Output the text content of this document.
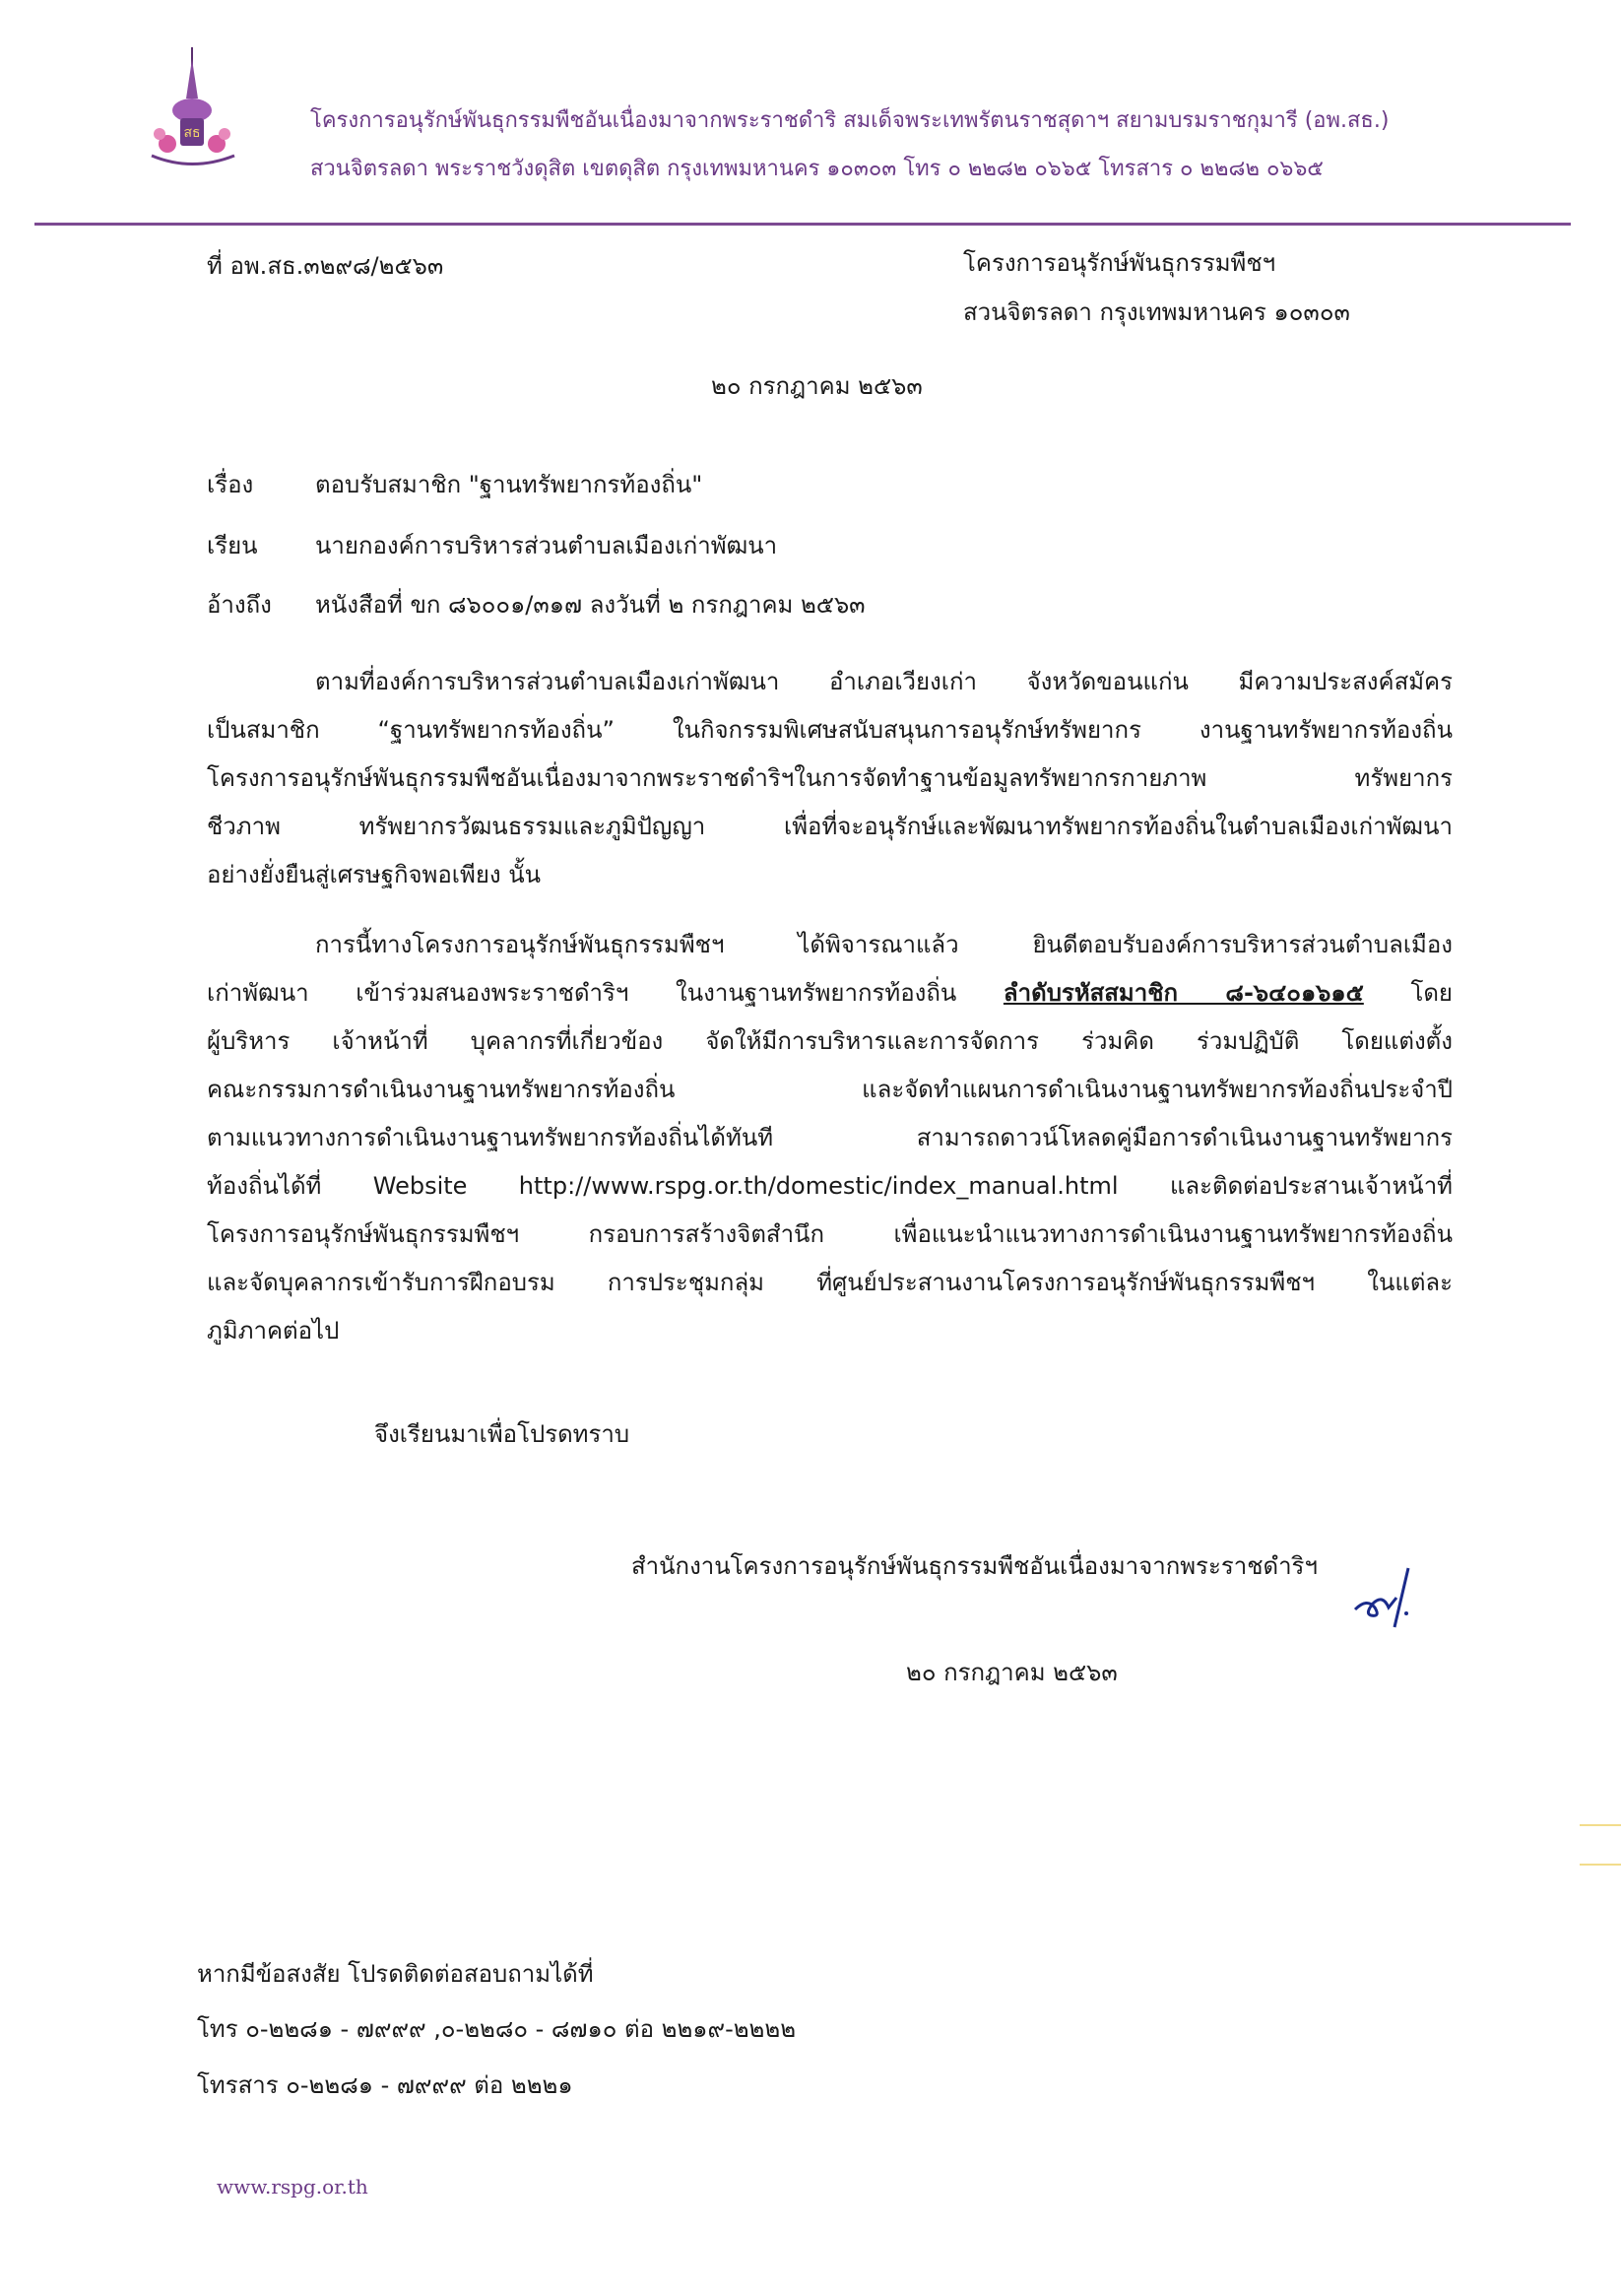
สธ	โครงการอนุรักษ์พันธุกรรมพืชอันเนื่องมาจากพระราชดำริ สมเด็จพระเทพรัตนราชสุดาฯ สยามบรมราชกุมารี (อพ.สธ.)
สวนจิตรลดา พระราชวังดุสิต เขตดุสิต กรุงเทพมหานคร ๑๐๓๐๓ โทร ๐ ๒๒๘๒ ๐๖๖๕ โทรสาร ๐ ๒๒๘๒ ๐๖๖๕
ที่ อพ.สธ.๓๒๙๘/๒๕๖๓	โครงการอนุรักษ์พันธุกรรมพืชฯ
สวนจิตรลดา กรุงเทพมหานคร ๑๐๓๐๓
๒๐ กรกฎาคม ๒๕๖๓
เรื่อง	ตอบรับสมาชิก "ฐานทรัพยากรท้องถิ่น"
เรียน นายกองค์การบริหารส่วนตำบลเมืองเก่าพัฒนา
อ้างถึง หนังสือที่ ขก ๘๖๐๐๑/๓๑๗ ลงวันที่ ๒ กรกฎาคม ๒๕๖๓
ตามที่องค์การบริหารส่วนตำบลเมืองเก่าพัฒนา อำเภอเวียงเก่า จังหวัดขอนแก่น มีความประสงค์สมัคร
เป็นสมาชิก “ฐานทรัพยากรท้องถิ่น” ในกิจกรรมพิเศษสนับสนุนการอนุรักษ์ทรัพยากร งานฐานทรัพยากรท้องถิ่น
โครงการอนุรักษ์พันธุกรรมพืชอันเนื่องมาจากพระราชดำริฯในการจัดทำฐานข้อมูลทรัพยากรกายภาพ ทรัพยากร
ชีวภาพ ทรัพยากรวัฒนธรรมและภูมิปัญญา เพื่อที่จะอนุรักษ์และพัฒนาทรัพยากรท้องถิ่นในตำบลเมืองเก่าพัฒนา
อย่างยั่งยืนสู่เศรษฐกิจพอเพียง นั้น
การนี้ทางโครงการอนุรักษ์พันธุกรรมพืชฯ ได้พิจารณาแล้ว ยินดีตอบรับองค์การบริหารส่วนตำบลเมือง
เก่าพัฒนา เข้าร่วมสนองพระราชดำริฯ ในงานฐานทรัพยากรท้องถิ่น ลำดับรหัสสมาชิก ๘-๖๔๐๑๖๑๕ โดย
ผู้บริหาร เจ้าหน้าที่ บุคลากรที่เกี่ยวข้อง จัดให้มีการบริหารและการจัดการ ร่วมคิด ร่วมปฏิบัติ โดยแต่งตั้ง
คณะกรรมการดำเนินงานฐานทรัพยากรท้องถิ่น และจัดทำแผนการดำเนินงานฐานทรัพยากรท้องถิ่นประจำปี
ตามแนวทางการดำเนินงานฐานทรัพยากรท้องถิ่นได้ทันที สามารถดาวน์โหลดคู่มือการดำเนินงานฐานทรัพยากร
ท้องถิ่นได้ที่ Website http://www.rspg.or.th/domestic/index_manual.html และติดต่อประสานเจ้าหน้าที่
โครงการอนุรักษ์พันธุกรรมพืชฯ กรอบการสร้างจิตสำนึก เพื่อแนะนำแนวทางการดำเนินงานฐานทรัพยากรท้องถิ่น
และจัดบุคลากรเข้ารับการฝึกอบรม การประชุมกลุ่ม ที่ศูนย์ประสานงานโครงการอนุรักษ์พันธุกรรมพืชฯ ในแต่ละ
ภูมิภาคต่อไป
จึงเรียนมาเพื่อโปรดทราบ
สำนักงานโครงการอนุรักษ์พันธุกรรมพืชอันเนื่องมาจากพระราชดำริฯ
๒๐ กรกฎาคม ๒๕๖๓
หากมีข้อสงสัย โปรดติดต่อสอบถามได้ที่
โทร ๐-๒๒๘๑ - ๗๙๙๙ ,๐-๒๒๘๐ - ๘๗๑๐ ต่อ ๒๒๑๙-๒๒๒๒
โทรสาร ๐-๒๒๘๑ - ๗๙๙๙ ต่อ ๒๒๒๑
www.rspg.or.th
